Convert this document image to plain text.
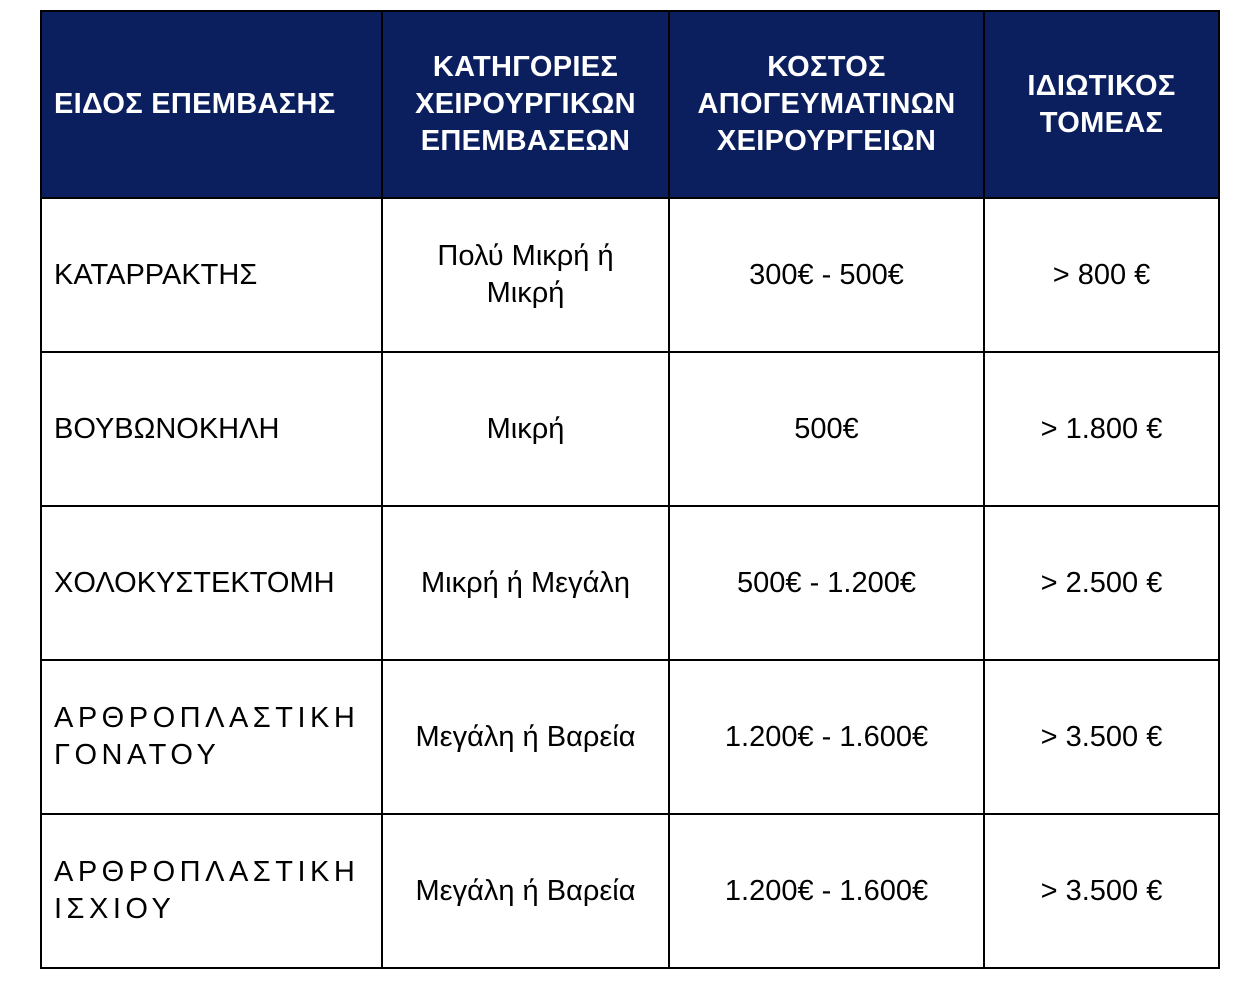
ΕΙΔΟΣ ΕΠΕΜΒΑΣΗΣ	ΚΑΤΗΓΟΡΙΕΣ ΧΕΙΡΟΥΡΓΙΚΩΝ ΕΠΕΜΒΑΣΕΩΝ	ΚΟΣΤΟΣ ΑΠΟΓΕΥΜΑΤΙΝΩΝ ΧΕΙΡΟΥΡΓΕΙΩΝ	ΙΔΙΩΤΙΚΟΣ ΤΟΜΕΑΣ
ΚΑΤΑΡΡΑΚΤΗΣ	Πολύ Μικρή ή Μικρή	300€ - 500€	> 800 €
ΒΟΥΒΩΝΟΚΗΛΗ	Μικρή	500€	> 1.800 €
ΧΟΛΟΚΥΣΤΕΚΤΟΜΗ	Μικρή ή Μεγάλη	500€ - 1.200€	> 2.500 €
ΑΡΘΡΟΠΛΑΣΤΙΚΗ ΓΟΝΑΤΟΥ	Μεγάλη ή Βαρεία	1.200€ - 1.600€	> 3.500 €
ΑΡΘΡΟΠΛΑΣΤΙΚΗ ΙΣΧΙΟΥ	Μεγάλη ή Βαρεία	1.200€ - 1.600€	> 3.500 €
